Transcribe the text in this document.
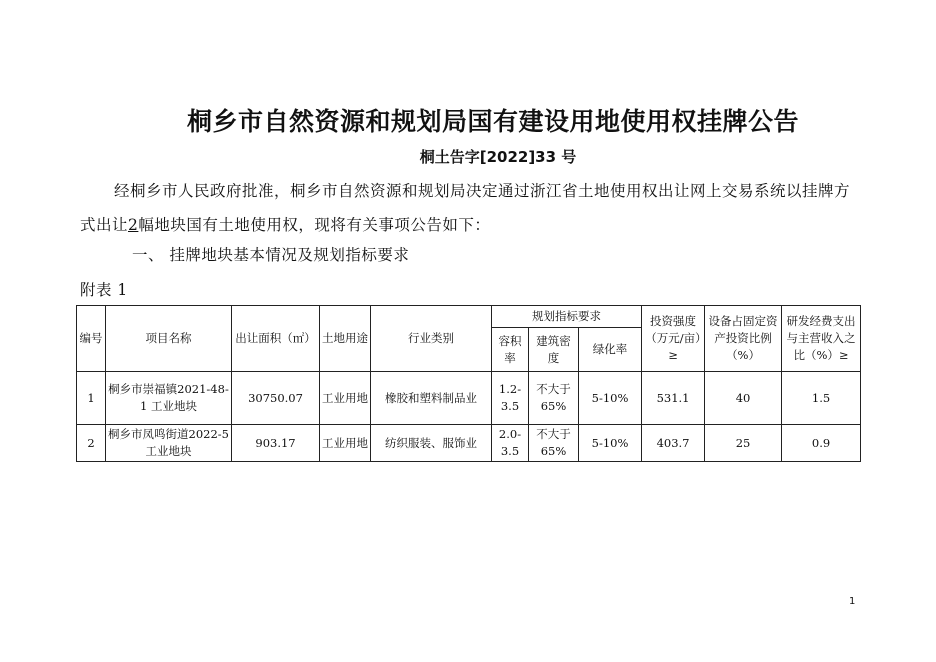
桐乡市自然资源和规划局国有建设用地使用权挂牌公告
桐土告字[2022]33 号
经桐乡市人民政府批准，桐乡市自然资源和规划局决定通过浙江省土地使用权出让网上交易系统以挂牌方式出让2幅地块国有土地使用权，现将有关事项公告如下：
一、 挂牌地块基本情况及规划指标要求
附表 1
编号	项目名称	出让面积（㎡）	土地用途	行业类别	规划指标要求			投资强度（万元/亩）≥	设备占固定资产投资比例（%）	研发经费支出与主营收入之比（%）≥
					容积率	建筑密度	绿化率			
1	桐乡市崇福镇2021-48-1 工业地块	30750.07	工业用地	橡胶和塑料制品业	1.2-3.5	不大于65%	5-10%	531.1	40	1.5
2	桐乡市凤鸣街道2022-5 工业地块	903.17	工业用地	纺织服装、服饰业	2.0-3.5	不大于65%	5-10%	403.7	25	0.9
1
